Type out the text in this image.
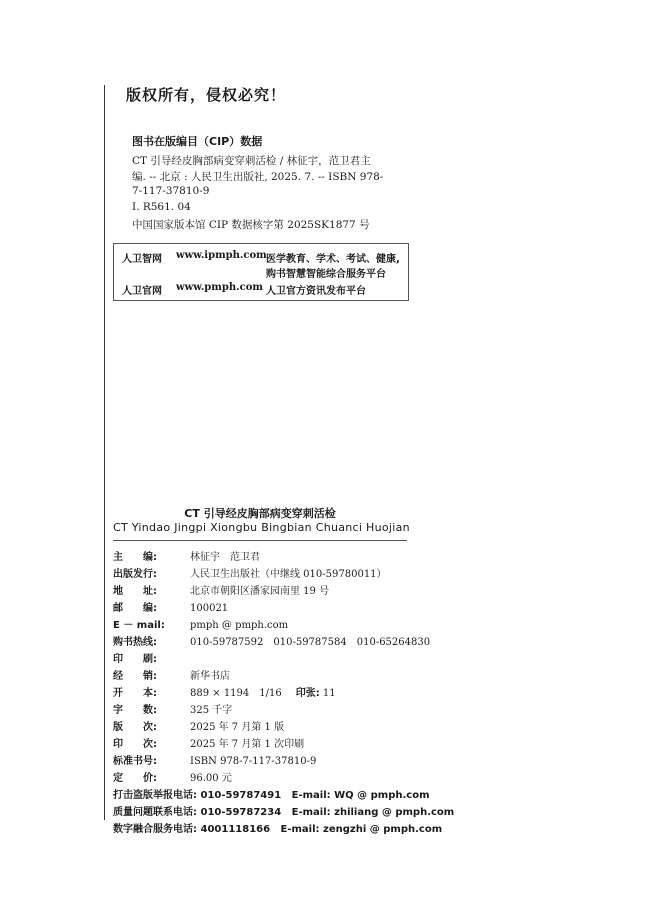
版权所有，侵权必究！
图书在版编目（CIP）数据
CT 引导经皮胸部病变穿刺活检 / 林征宇，范卫君主
编. -- 北京 : 人民卫生出版社, 2025. 7. -- ISBN 978-
7-117-37810-9
Ⅰ. R561. 04
中国国家版本馆 CIP 数据核字第 2025SK1877 号
人卫智网 www.ipmph.com 医学教育、学术、考试、健康,
购书智慧智能综合服务平台
人卫官网 www.pmph.com 人卫官方资讯发布平台
CT 引导经皮胸部病变穿刺活检
CT Yindao Jingpi Xiongbu Bingbian Chuanci Huojian
主　　编:	林征宇　范卫君
出版发行:	人民卫生出版社（中继线 010-59780011）
地　　址:	北京市朝阳区潘家园南里 19 号
邮　　编:	100021
E － mail:	pmph @ pmph.com
购书热线:	010-59787592　010-59787584　010-65264830
印　　刷:
经　　销:	新华书店
开　　本:	889 × 1194　1/16 印张: 11
字　　数:	325 千字
版　　次:	2025 年 7 月第 1 版
印　　次:	2025 年 7 月第 1 次印刷
标准书号:	ISBN 978-7-117-37810-9
定　　价:	96.00 元
打击盗版举报电话: 010-59787491 E-mail: WQ @ pmph.com
质量问题联系电话: 010-59787234 E-mail: zhiliang @ pmph.com
数字融合服务电话: 4001118166 E-mail: zengzhi @ pmph.com
